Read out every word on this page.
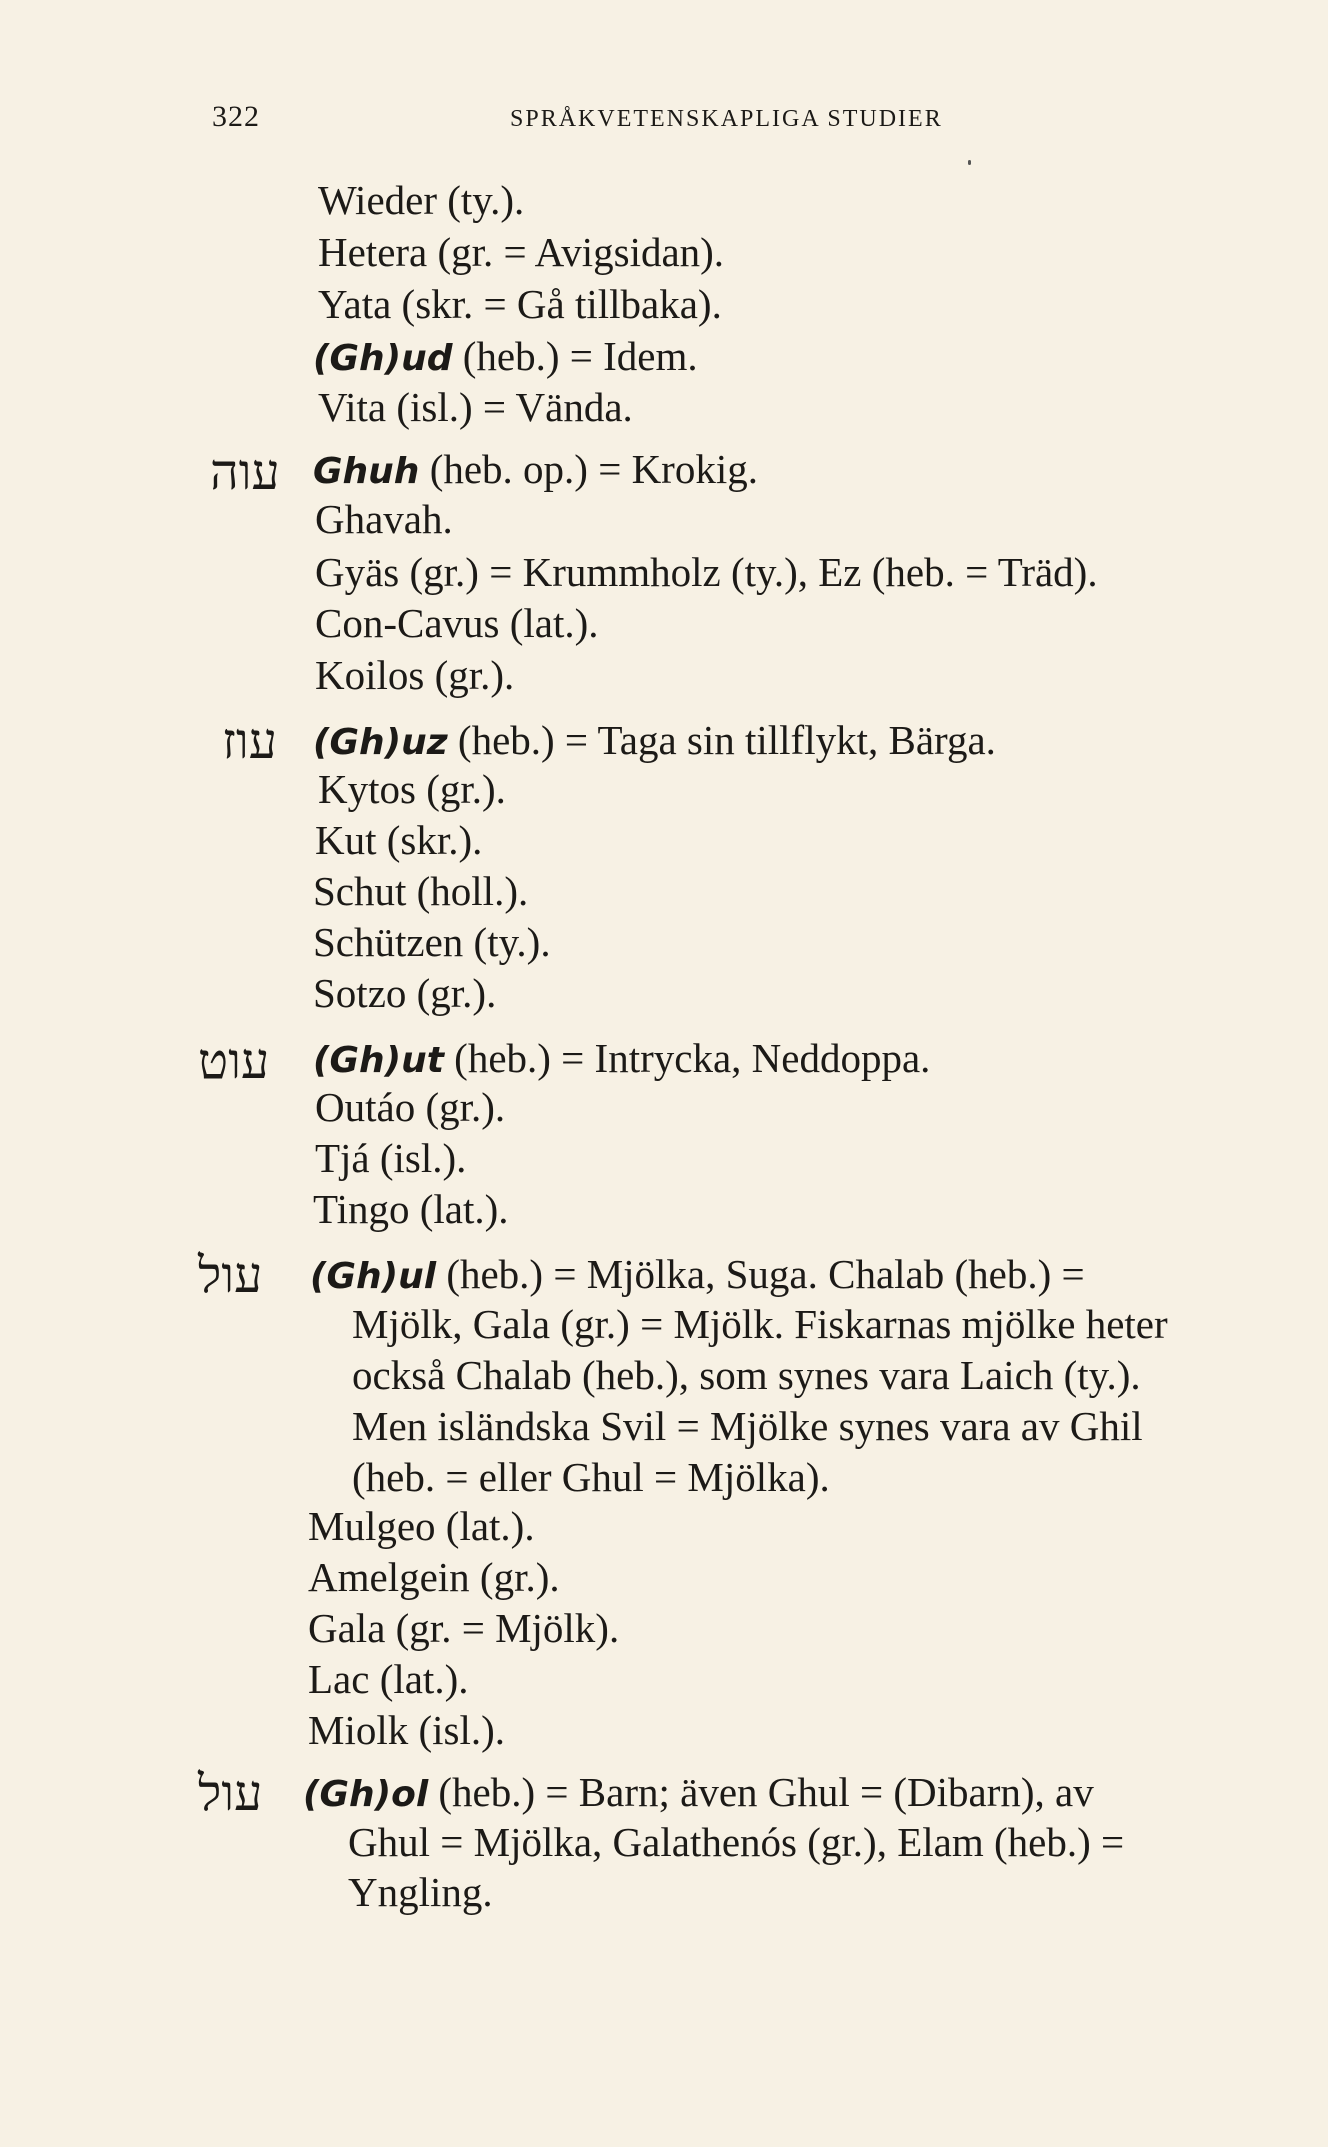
322	SPRÅKVETENSKAPLIGA STUDIER
Wieder (ty.).
Hetera (gr. = Avigsidan).
Yata (skr. = Gå tillbaka).
(Gh)ud (heb.) = Idem.
Vita (isl.) = Vända.
עוה Ghuh (heb. op.) = Krokig.
Ghavah.
Gyäs (gr.) = Krummholz (ty.), Ez (heb. = Träd).
Con-Cavus (lat.).
Koilos (gr.).
עוז (Gh)uz (heb.) = Taga sin tillflykt, Bärga.
Kytos (gr.).
Kut (skr.).
Schut (holl.).
Schützen (ty.).
Sotzo (gr.).
עוט (Gh)ut (heb.) = Intrycka, Neddoppa.
Outáo (gr.).
Tjá (isl.).
Tingo (lat.).
עול (Gh)ul (heb.) = Mjölka, Suga. Chalab (heb.) =
Mjölk, Gala (gr.) = Mjölk. Fiskarnas mjölke heter
också Chalab (heb.), som synes vara Laich (ty.).
Men isländska Svil = Mjölke synes vara av Ghil
(heb. = eller Ghul = Mjölka).
Mulgeo (lat.).
Amelgein (gr.).
Gala (gr. = Mjölk).
Lac (lat.).
Miolk (isl.).
עול (Gh)ol (heb.) = Barn; även Ghul = (Dibarn), av
Ghul = Mjölka, Galathenós (gr.), Elam (heb.) =
Yngling.
